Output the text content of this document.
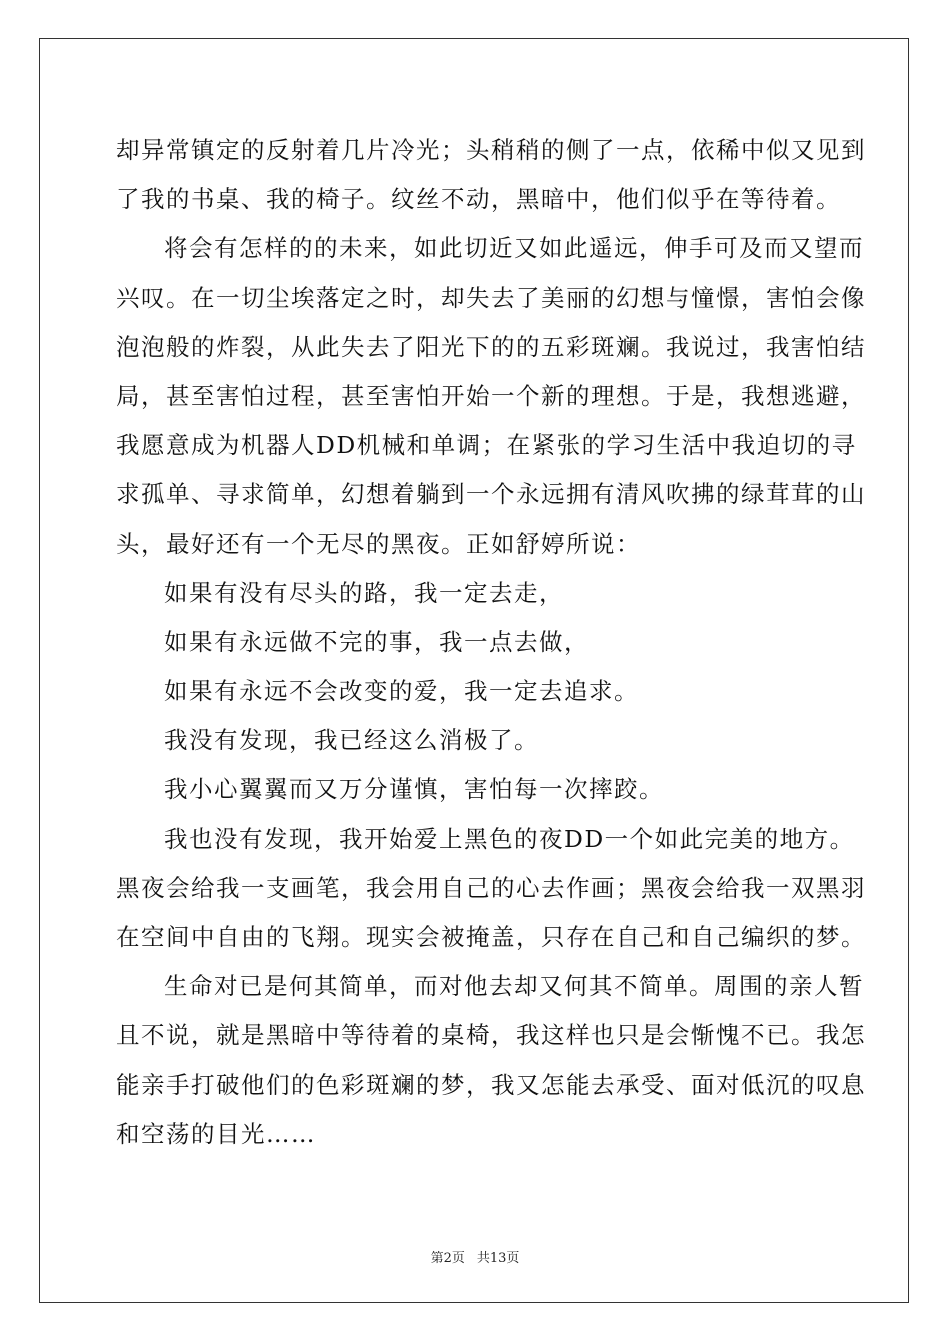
却异常镇定的反射着几片冷光；头稍稍的侧了一点，依稀中似又见到
了我的书桌、我的椅子。纹丝不动，黑暗中，他们似乎在等待着。
将会有怎样的的未来，如此切近又如此遥远，伸手可及而又望而
兴叹。在一切尘埃落定之时，却失去了美丽的幻想与憧憬，害怕会像
泡泡般的炸裂，从此失去了阳光下的的五彩斑斓。我说过，我害怕结
局，甚至害怕过程，甚至害怕开始一个新的理想。于是，我想逃避，
我愿意成为机器人DD机械和单调；在紧张的学习生活中我迫切的寻
求孤单、寻求简单，幻想着躺到一个永远拥有清风吹拂的绿茸茸的山
头，最好还有一个无尽的黑夜。正如舒婷所说：
如果有没有尽头的路，我一定去走，
如果有永远做不完的事，我一点去做，
如果有永远不会改变的爱，我一定去追求。
我没有发现，我已经这么消极了。
我小心翼翼而又万分谨慎，害怕每一次摔跤。
我也没有发现，我开始爱上黑色的夜DD一个如此完美的地方。
黑夜会给我一支画笔，我会用自己的心去作画；黑夜会给我一双黑羽
在空间中自由的飞翔。现实会被掩盖，只存在自己和自己编织的梦。
生命对已是何其简单，而对他去却又何其不简单。周围的亲人暂
且不说，就是黑暗中等待着的桌椅，我这样也只是会惭愧不已。我怎
能亲手打破他们的色彩斑斓的梦，我又怎能去承受、面对低沉的叹息
和空荡的目光……
第2页 共13页
